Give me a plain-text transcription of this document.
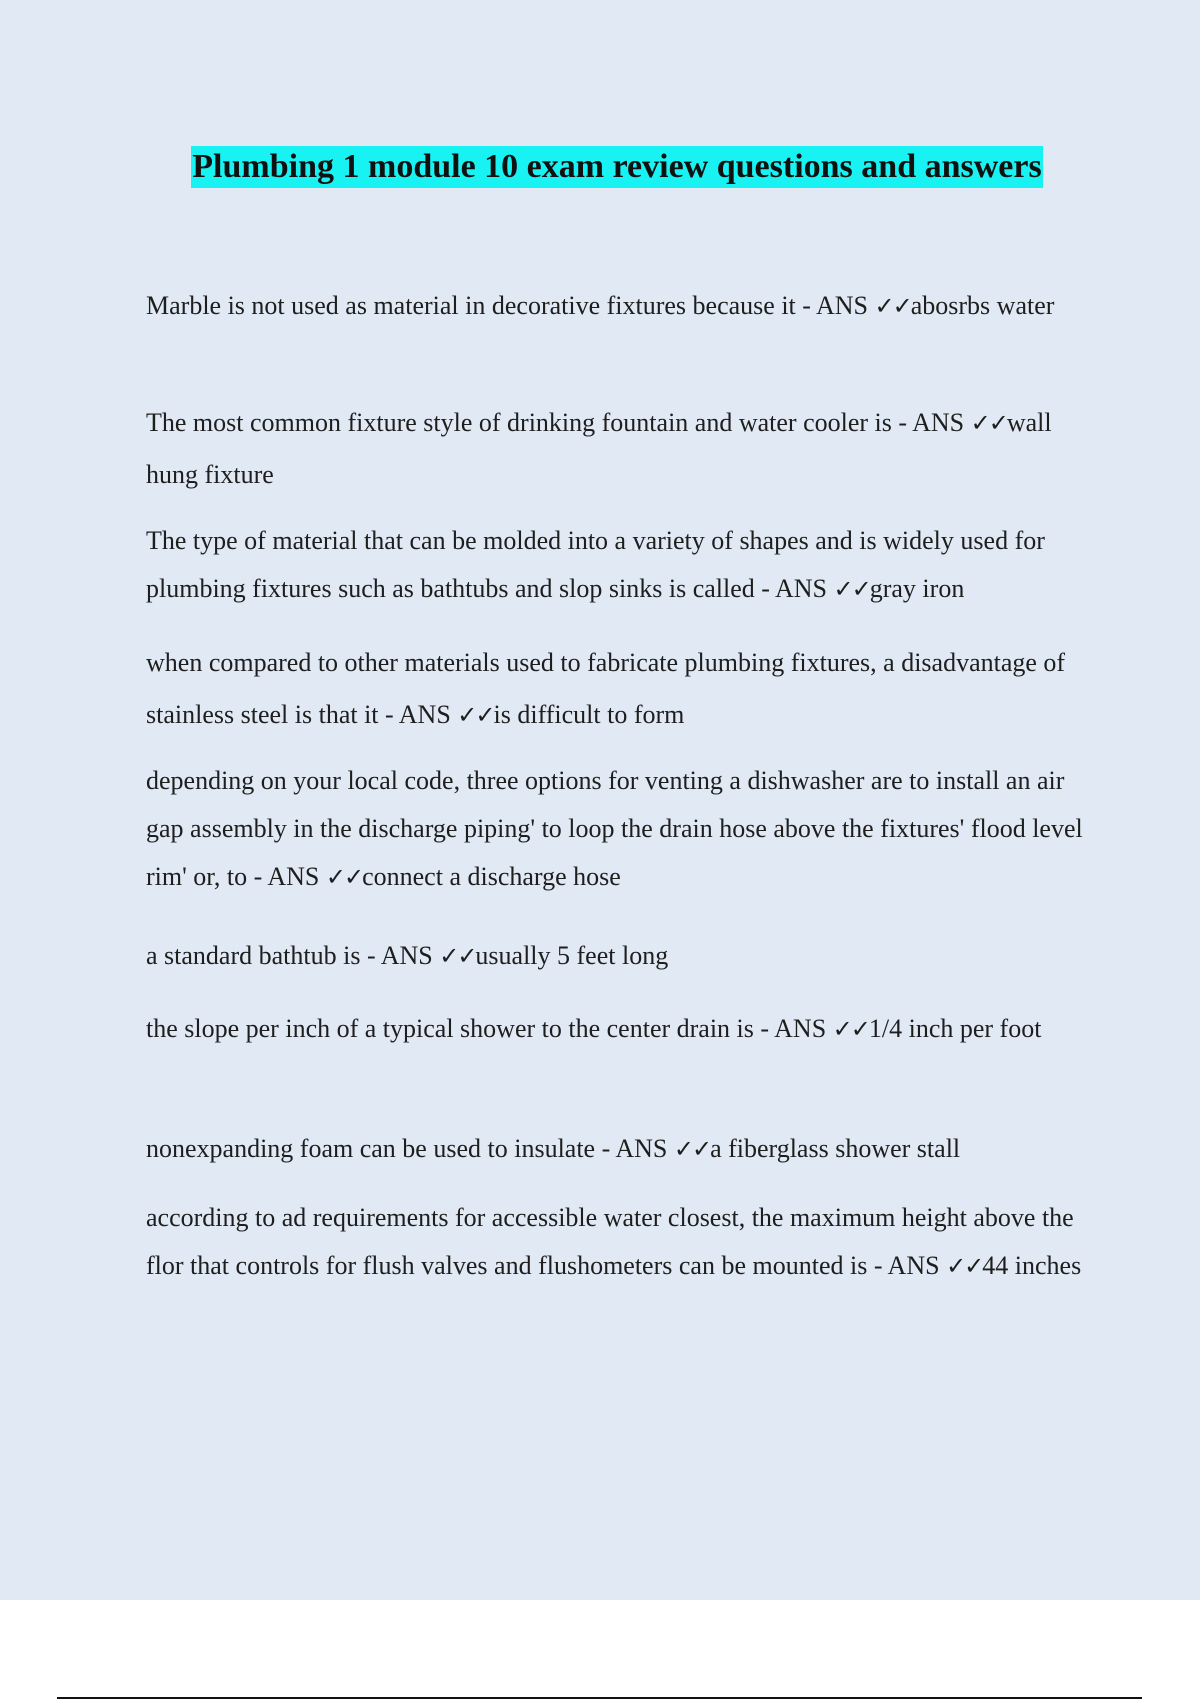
Plumbing 1 module 10 exam review questions and answers
Marble is not used as material in decorative fixtures because it - ANS ✓✓abosrbs water
The most common fixture style of drinking fountain and water cooler is - ANS ✓✓wall hung fixture
The type of material that can be molded into a variety of shapes and is widely used for plumbing fixtures such as bathtubs and slop sinks is called - ANS ✓✓gray iron
when compared to other materials used to fabricate plumbing fixtures, a disadvantage of stainless steel is that it - ANS ✓✓is difficult to form
depending on your local code, three options for venting a dishwasher are to install an air gap assembly in the discharge piping' to loop the drain hose above the fixtures' flood level rim' or, to - ANS ✓✓connect a discharge hose
a standard bathtub is - ANS ✓✓usually 5 feet long
the slope per inch of a typical shower to the center drain is - ANS ✓✓1/4 inch per foot
nonexpanding foam can be used to insulate - ANS ✓✓a fiberglass shower stall
according to ad requirements for accessible water closest, the maximum height above the flor that controls for flush valves and flushometers can be mounted is - ANS ✓✓44 inches
